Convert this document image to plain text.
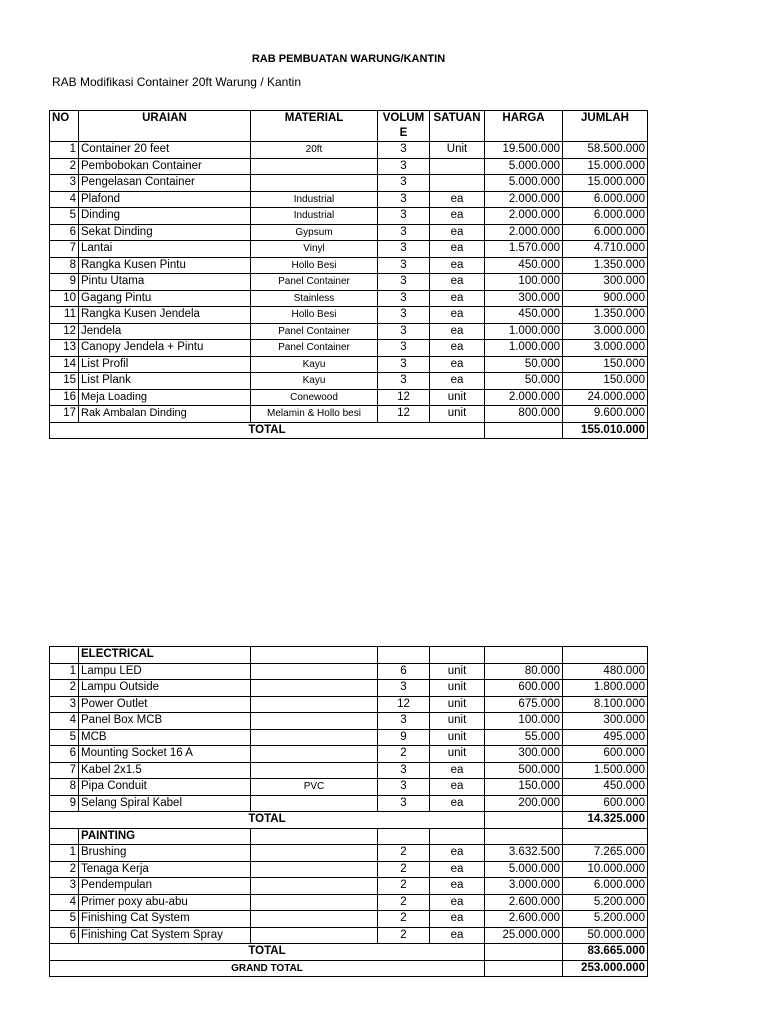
RAB PEMBUATAN WARUNG/KANTIN
RAB Modifikasi Container 20ft Warung / Kantin
NO	URAIAN	MATERIAL	VOLUM E	SATUAN	HARGA	JUMLAH
1	Container 20 feet	20ft	3	Unit	19.500.000	58.500.000
2	Pembobokan Container		3		5.000.000	15.000.000
3	Pengelasan Container		3		5.000.000	15.000.000
4	Plafond	Industrial	3	ea	2.000.000	6.000.000
5	Dinding	Industrial	3	ea	2.000.000	6.000.000
6	Sekat Dinding	Gypsum	3	ea	2.000.000	6.000.000
7	Lantai	Vinyl	3	ea	1.570.000	4.710.000
8	Rangka Kusen Pintu	Hollo Besi	3	ea	450.000	1.350.000
9	Pintu Utama	Panel Container	3	ea	100.000	300.000
10	Gagang Pintu	Stainless	3	ea	300.000	900.000
11	Rangka Kusen Jendela	Hollo Besi	3	ea	450.000	1.350.000
12	Jendela	Panel Container	3	ea	1.000.000	3.000.000
13	Canopy Jendela + Pintu	Panel Container	3	ea	1.000.000	3.000.000
14	List Profil	Kayu	3	ea	50.000	150.000
15	List Plank	Kayu	3	ea	50.000	150.000
16	Meja Loading	Conewood	12	unit	2.000.000	24.000.000
17	Rak Ambalan Dinding	Melamin & Hollo besi	12	unit	800.000	9.600.000
TOTAL						155.010.000
	ELECTRICAL					
1	Lampu LED		6	unit	80.000	480.000
2	Lampu Outside		3	unit	600.000	1.800.000
3	Power Outlet		12	unit	675.000	8.100.000
4	Panel Box MCB		3	unit	100.000	300.000
5	MCB		9	unit	55.000	495.000
6	Mounting Socket 16 A		2	unit	300.000	600.000
7	Kabel 2x1.5		3	ea	500.000	1.500.000
8	Pipa Conduit	PVC	3	ea	150.000	450.000
9	Selang Spiral Kabel		3	ea	200.000	600.000
TOTAL						14.325.000
	PAINTING					
1	Brushing		2	ea	3.632.500	7.265.000
2	Tenaga Kerja		2	ea	5.000.000	10.000.000
3	Pendempulan		2	ea	3.000.000	6.000.000
4	Primer poxy abu-abu		2	ea	2.600.000	5.200.000
5	Finishing Cat System		2	ea	2.600.000	5.200.000
6	Finishing Cat System Spray		2	ea	25.000.000	50.000.000
TOTAL						83.665.000
GRAND TOTAL						253.000.000
